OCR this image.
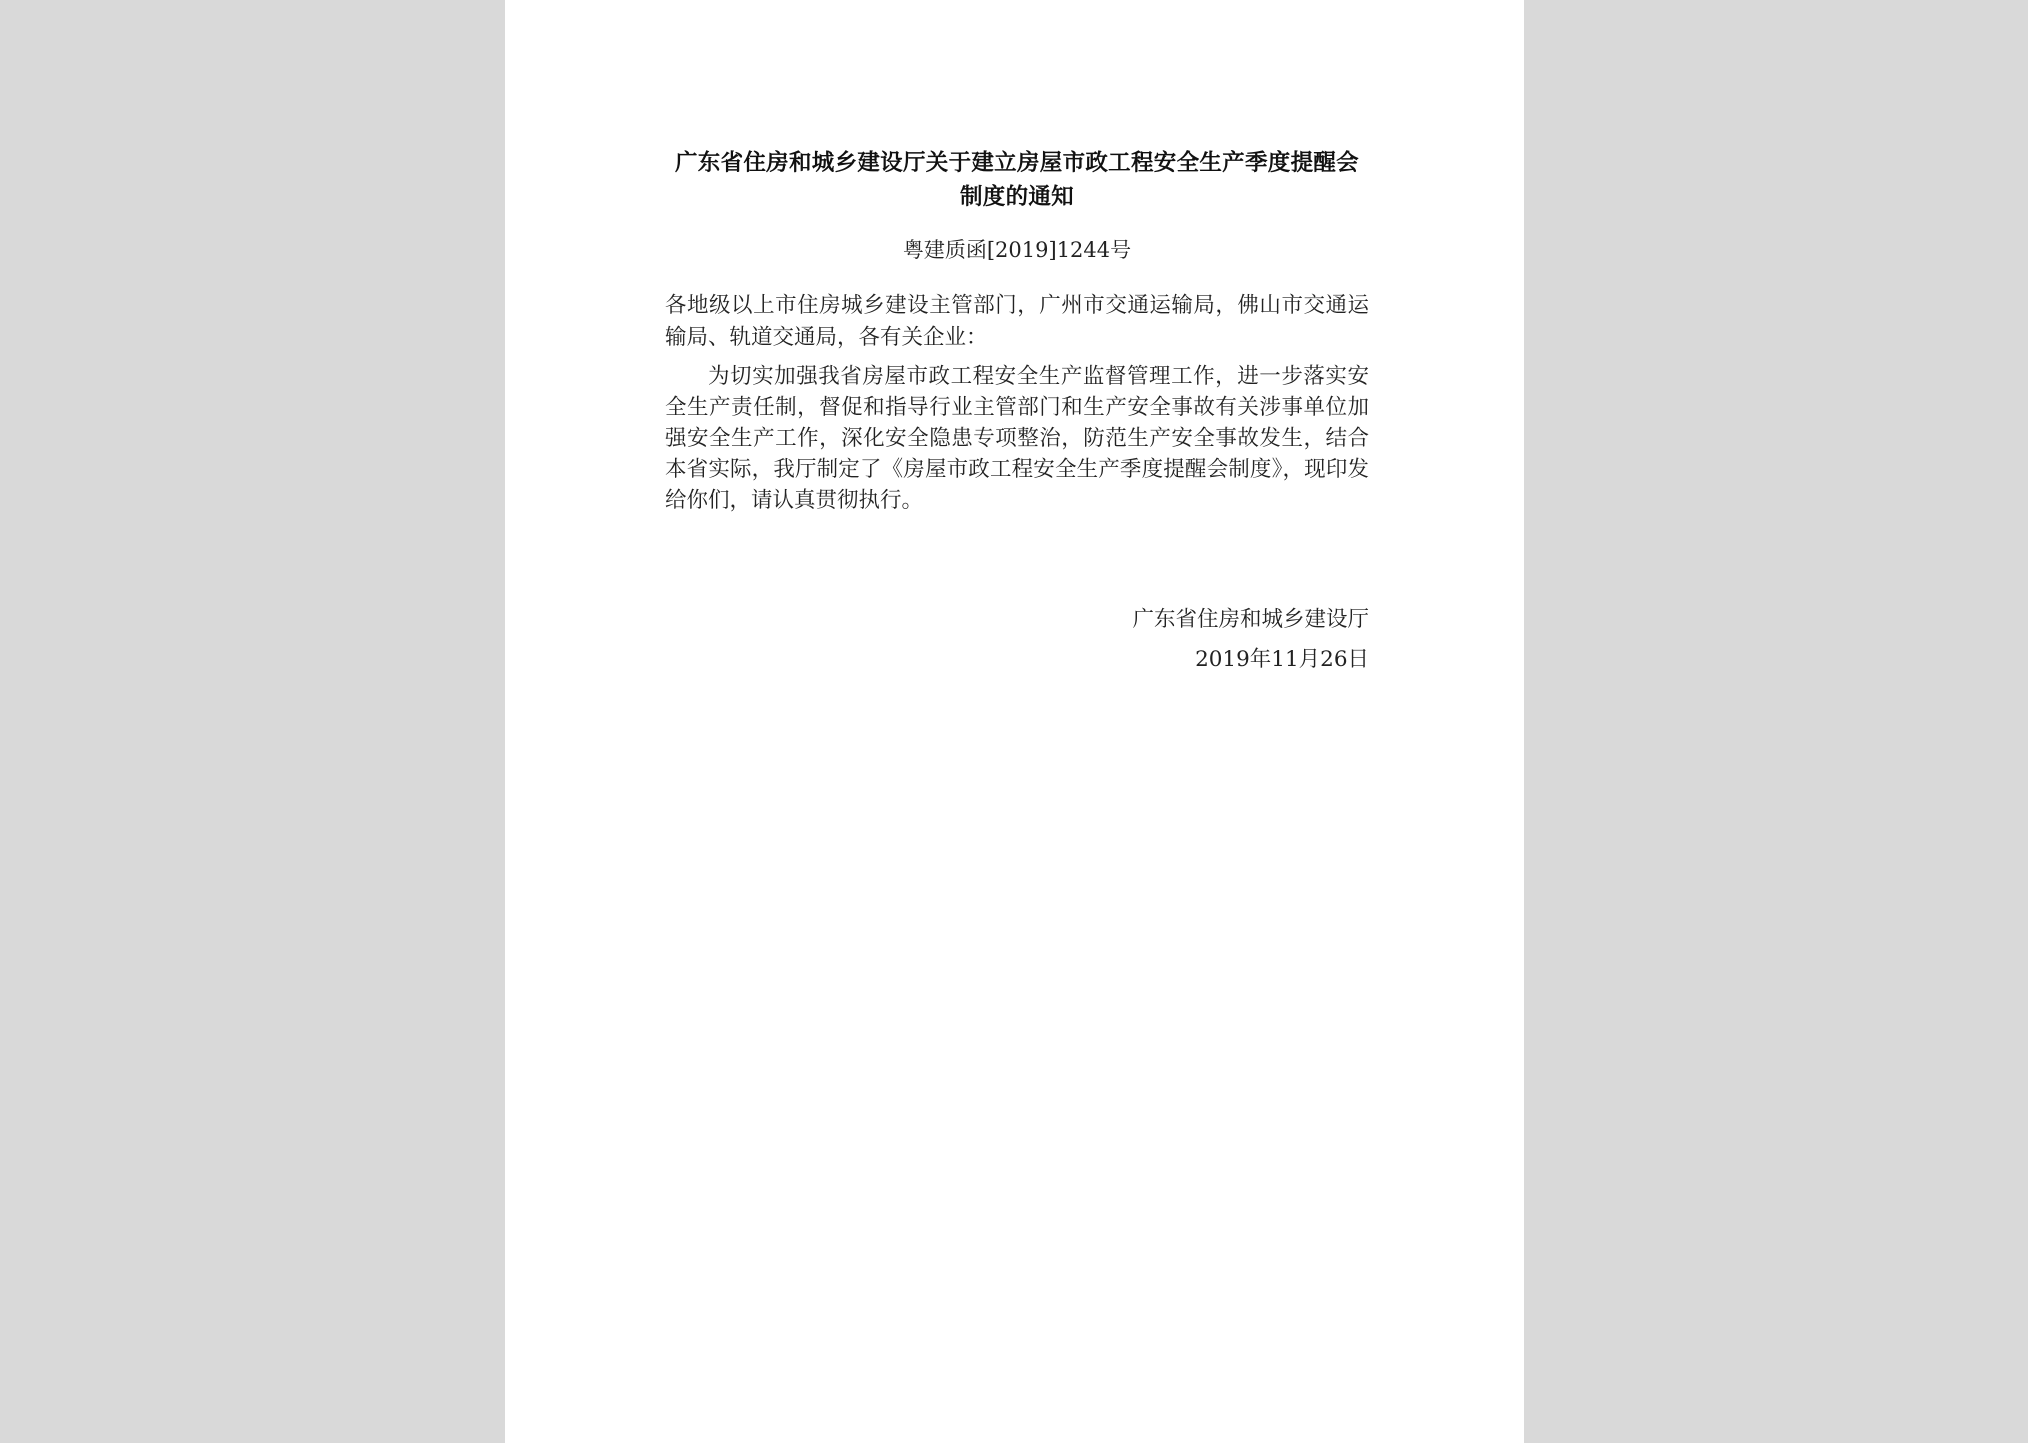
广东省住房和城乡建设厅关于建立房屋市政工程安全生产季度提醒会制度的通知
粤建质函[2019]1244号
各地级以上市住房城乡建设主管部门，广州市交通运输局，佛山市交通运输局、轨道交通局，各有关企业：
为切实加强我省房屋市政工程安全生产监督管理工作，进一步落实安全生产责任制，督促和指导行业主管部门和生产安全事故有关涉事单位加强安全生产工作，深化安全隐患专项整治，防范生产安全事故发生，结合本省实际，我厅制定了《房屋市政工程安全生产季度提醒会制度》，现印发给你们，请认真贯彻执行。
广东省住房和城乡建设厅
2019年11月26日
